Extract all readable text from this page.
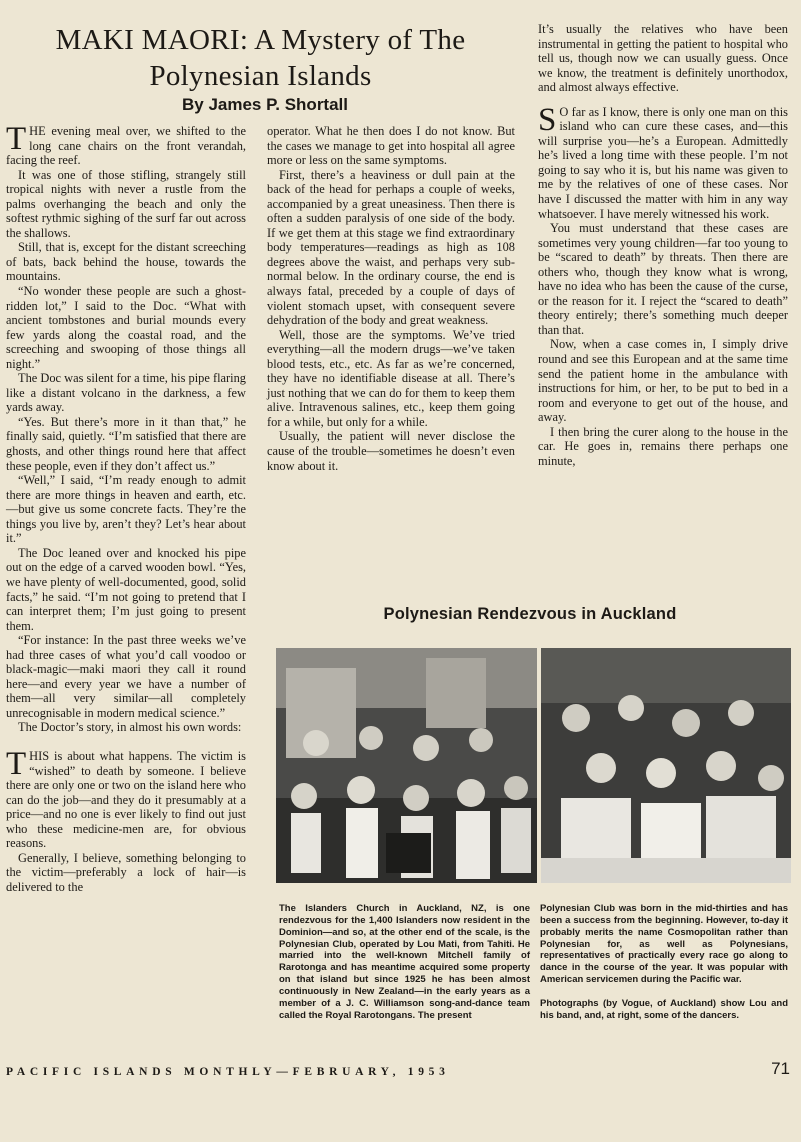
MAKI MAORI: A Mystery of The
Polynesian Islands
By James P. Shortall

THE evening meal over, we shifted to the long cane chairs on the front verandah, facing the reef.

It was one of those stifling, strangely still tropical nights with never a rustle from the palms overhanging the beach and only the softest rythmic sighing of the surf far out across the shallows.

Still, that is, except for the distant screeching of bats, back behind the house, towards the mountains.

“No wonder these people are such a ghost-ridden lot,” I said to the Doc. “What with ancient tombstones and burial mounds every few yards along the coastal road, and the screeching and swooping of those things all night.”

The Doc was silent for a time, his pipe flaring like a distant volcano in the darkness, a few yards away.

“Yes. But there’s more in it than that,” he finally said, quietly. “I’m satisfied that there are ghosts, and other things round here that affect these people, even if they don’t affect us.”

“Well,” I said, “I’m ready enough to admit there are more things in heaven and earth, etc.—but give us some concrete facts. They’re the things you live by, aren’t they? Let’s hear about it.”

The Doc leaned over and knocked his pipe out on the edge of a carved wooden bowl. “Yes, we have plenty of well-documented, good, solid facts,” he said. “I’m not going to pretend that I can interpret them; I’m just going to present them.

“For instance: In the past three weeks we’ve had three cases of what you’d call voodoo or black-magic—maki maori they call it round here—and every year we have a number of them—all very similar—all completely unrecognisable in modern medical science.”

The Doctor’s story, in almost his own words:

THIS is about what happens. The victim is “wished” to death by someone. I believe there are only one or two on the island here who can do the job—and they do it presumably at a price—and no one is ever likely to find out just who these medicine-men are, for obvious reasons.

Generally, I believe, something belonging to the victim—preferably a lock of hair—is delivered to the

operator. What he then does I do not know. But the cases we manage to get into hospital all agree more or less on the same symptoms.

First, there’s a heaviness or dull pain at the back of the head for perhaps a couple of weeks, accompanied by a great uneasiness. Then there is often a sudden paralysis of one side of the body. If we get them at this stage we find extraordinary body temperatures—readings as high as 108 degrees above the waist, and perhaps very sub-normal below. In the ordinary course, the end is always fatal, preceded by a couple of days of violent stomach upset, with consequent severe dehydration of the body and great weakness.

Well, those are the symptoms. We’ve tried everything—all the modern drugs—we’ve taken blood tests, etc., etc. As far as we’re concerned, they have no identifiable disease at all. There’s just nothing that we can do for them to keep them alive. Intravenous salines, etc., keep them going for a while, but only for a while.

Usually, the patient will never disclose the cause of the trouble—sometimes he doesn’t even know about it.

It’s usually the relatives who have been instrumental in getting the patient to hospital who tell us, though now we can usually guess. Once we know, the treatment is definitely unorthodox, and almost always effective.

SO far as I know, there is only one man on this island who can cure these cases, and—this will surprise you—he’s a European. Admittedly he’s lived a long time with these people. I’m not going to say who it is, but his name was given to me by the relatives of one of these cases. Nor have I discussed the matter with him in any way whatsoever. I have merely witnessed his work.

You must understand that these cases are sometimes very young children—far too young to be “scared to death” by threats. Then there are others who, though they know what is wrong, have no idea who has been the cause of the curse, or the reason for it. I reject the “scared to death” theory entirely; there’s something much deeper than that.

Now, when a case comes in, I simply drive round and see this European and at the same time send the patient home in the ambulance with instructions for him, or her, to be put to bed in a room and everyone to get out of the house, and away.

I then bring the curer along to the house in the car. He goes in, remains there perhaps one minute,

Polynesian Rendezvous in Auckland

The Islanders Church in Auckland, NZ, is one rendezvous for the 1,400 Islanders now resident in the Dominion—and so, at the other end of the scale, is the Polynesian Club, operated by Lou Mati, from Tahiti. He married into the well-known Mitchell family of Rarotonga and has meantime acquired some property on that island but since 1925 he has been almost continuously in New Zealand—in the early years as a member of a J. C. Williamson song-and-dance team called the Royal Rarotongans. The present

Polynesian Club was born in the mid-thirties and has been a success from the beginning. However, to-day it probably merits the name Cosmopolitan rather than Polynesian for, as well as Polynesians, representatives of practically every race go along to dance in the course of the year. It was popular with American servicemen during the Pacific war.

Photographs (by Vogue, of Auckland) show Lou and his band, and, at right, some of the dancers.

PACIFIC ISLANDS MONTHLY—FEBRUARY, 1953	71
